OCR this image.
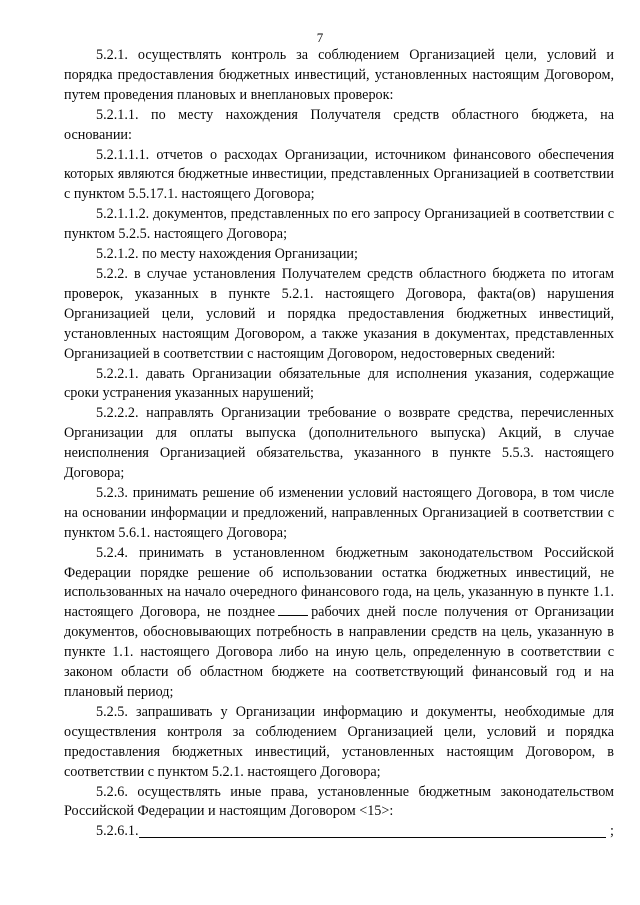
7

5.2.1. осуществлять контроль за соблюдением Организацией цели, условий и порядка предоставления бюджетных инвестиций, установленных настоящим Договором, путем проведения плановых и внеплановых проверок:

5.2.1.1. по месту нахождения Получателя средств областного бюджета, на основании:

5.2.1.1.1. отчетов о расходах Организации, источником финансового обеспечения которых являются бюджетные инвестиции, представленных Организацией в соответствии с пунктом 5.5.17.1. настоящего Договора;

5.2.1.1.2. документов, представленных по его запросу Организацией в соответствии с пунктом 5.2.5. настоящего Договора;

5.2.1.2. по месту нахождения Организации;

5.2.2. в случае установления Получателем средств областного бюджета по итогам проверок, указанных в пункте 5.2.1. настоящего Договора, факта(ов) нарушения Организацией цели, условий и порядка предоставления бюджетных инвестиций, установленных настоящим Договором, а также указания в документах, представленных Организацией в соответствии с настоящим Договором, недостоверных сведений:

5.2.2.1. давать Организации обязательные для исполнения указания, содержащие сроки устранения указанных нарушений;

5.2.2.2. направлять Организации требование о возврате средства, перечисленных Организации для оплаты выпуска (дополнительного выпуска) Акций, в случае неисполнения Организацией обязательства, указанного в пункте 5.5.3. настоящего Договора;

5.2.3. принимать решение об изменении условий настоящего Договора, в том числе на основании информации и предложений, направленных Организацией в соответствии с пунктом 5.6.1. настоящего Договора;

5.2.4. принимать в установленном бюджетным законодательством Российской Федерации порядке решение об использовании остатка бюджетных инвестиций, не использованных на начало очередного финансового года, на цель, указанную в пункте 1.1. настоящего Договора, не позднее	рабочих дней после получения от Организации документов, обосновывающих потребность в направлении средств на цель, указанную в пункте 1.1. настоящего Договора либо на иную цель, определенную в соответствии с законом области об областном бюджете на соответствующий финансовый год и на плановый период;

5.2.5. запрашивать у Организации информацию и документы, необходимые для осуществления контроля за соблюдением Организацией цели, условий и порядка предоставления бюджетных инвестиций, установленных настоящим Договором, в соответствии с пунктом 5.2.1. настоящего Договора;

5.2.6. осуществлять иные права, установленные бюджетным законодательством Российской Федерации и настоящим Договором <15>:

5.2.6.1.	;
